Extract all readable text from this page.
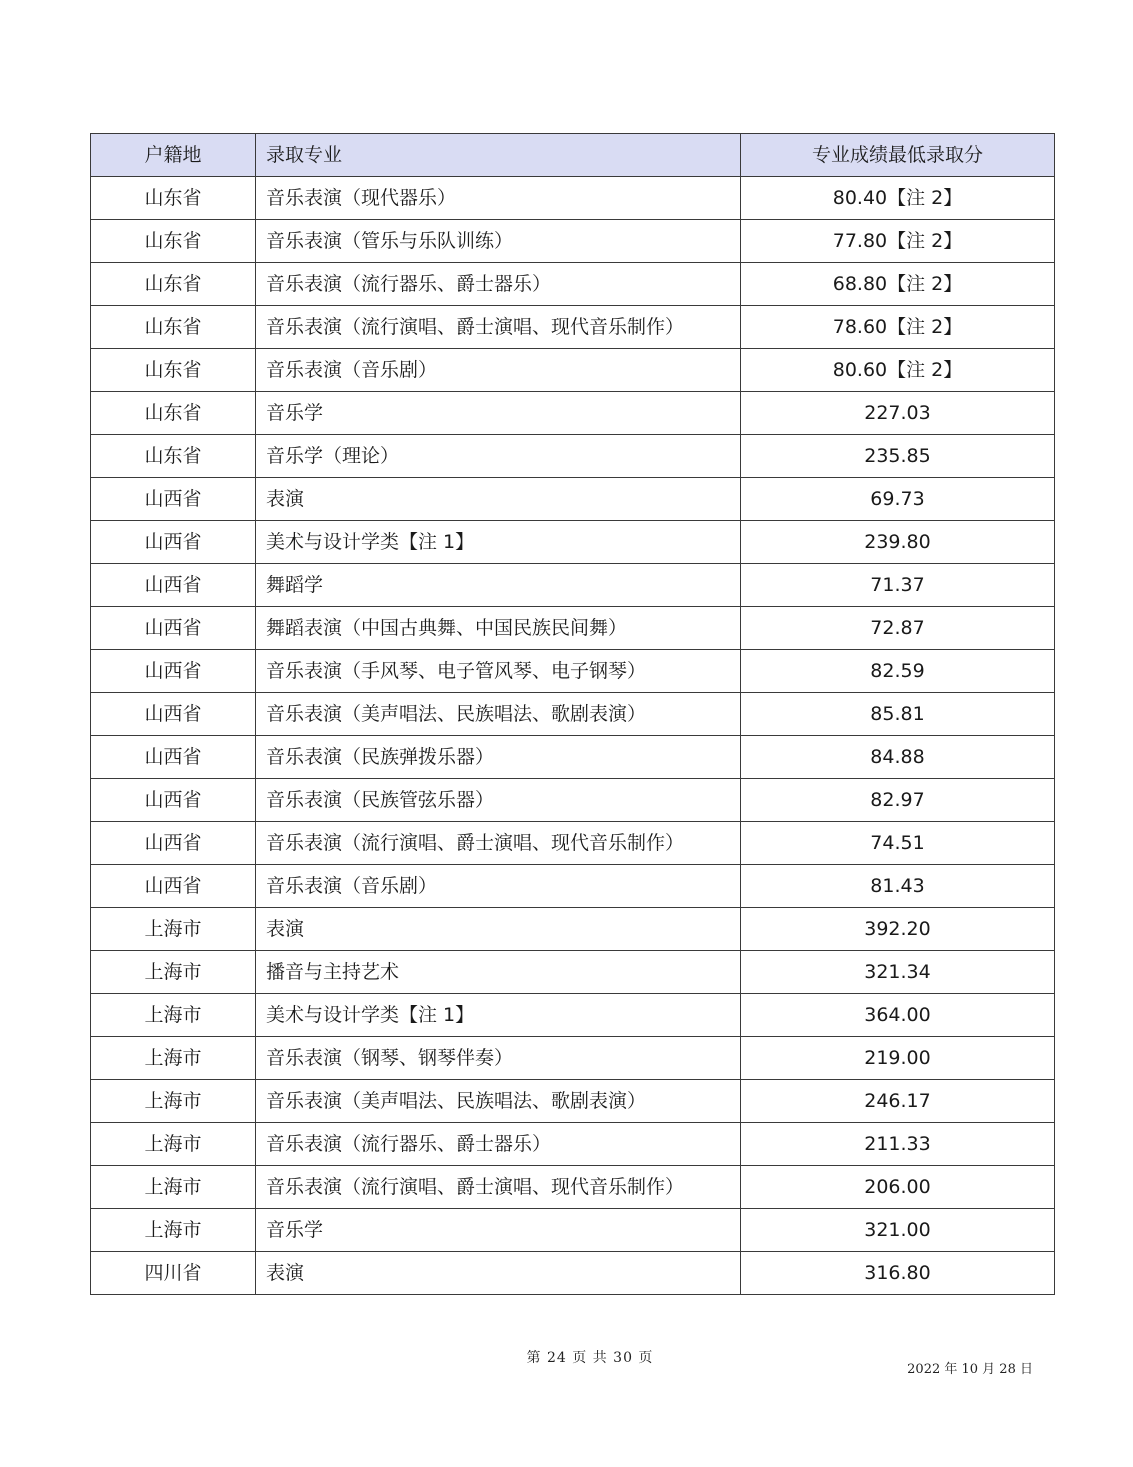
户籍地	录取专业	专业成绩最低录取分
山东省	音乐表演（现代器乐）	80.40【注 2】
山东省	音乐表演（管乐与乐队训练）	77.80【注 2】
山东省	音乐表演（流行器乐、爵士器乐）	68.80【注 2】
山东省	音乐表演（流行演唱、爵士演唱、现代音乐制作）	78.60【注 2】
山东省	音乐表演（音乐剧）	80.60【注 2】
山东省	音乐学	227.03
山东省	音乐学（理论）	235.85
山西省	表演	69.73
山西省	美术与设计学类【注 1】	239.80
山西省	舞蹈学	71.37
山西省	舞蹈表演（中国古典舞、中国民族民间舞）	72.87
山西省	音乐表演（手风琴、电子管风琴、电子钢琴）	82.59
山西省	音乐表演（美声唱法、民族唱法、歌剧表演）	85.81
山西省	音乐表演（民族弹拨乐器）	84.88
山西省	音乐表演（民族管弦乐器）	82.97
山西省	音乐表演（流行演唱、爵士演唱、现代音乐制作）	74.51
山西省	音乐表演（音乐剧）	81.43
上海市	表演	392.20
上海市	播音与主持艺术	321.34
上海市	美术与设计学类【注 1】	364.00
上海市	音乐表演（钢琴、钢琴伴奏）	219.00
上海市	音乐表演（美声唱法、民族唱法、歌剧表演）	246.17
上海市	音乐表演（流行器乐、爵士器乐）	211.33
上海市	音乐表演（流行演唱、爵士演唱、现代音乐制作）	206.00
上海市	音乐学	321.00
四川省	表演	316.80
第 24 页 共 30 页
2022 年 10 月 28 日
